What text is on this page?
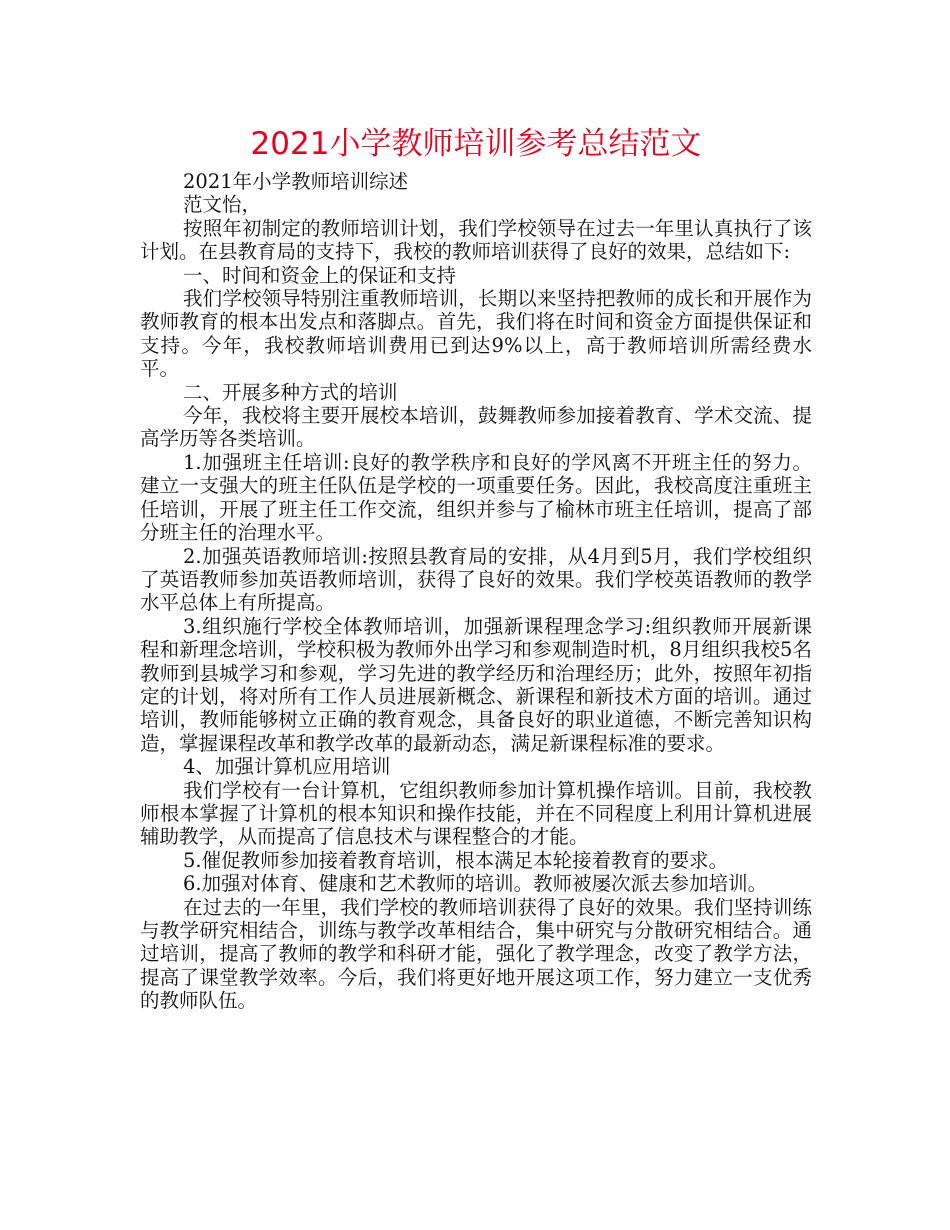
2021小学教师培训参考总结范文

2021年小学教师培训综述

范文怡，

按照年初制定的教师培训计划，我们学校领导在过去一年里认真执行了该计划。在县教育局的支持下，我校的教师培训获得了良好的效果，总结如下:

一、时间和资金上的保证和支持

我们学校领导特别注重教师培训，长期以来坚持把教师的成长和开展作为教师教育的根本出发点和落脚点。首先，我们将在时间和资金方面提供保证和支持。今年，我校教师培训费用已到达9%以上，高于教师培训所需经费水平。

二、开展多种方式的培训

今年，我校将主要开展校本培训，鼓舞教师参加接着教育、学术交流、提高学历等各类培训。

1.加强班主任培训:良好的教学秩序和良好的学风离不开班主任的努力。建立一支强大的班主任队伍是学校的一项重要任务。因此，我校高度注重班主任培训，开展了班主任工作交流，组织并参与了榆林市班主任培训，提高了部分班主任的治理水平。

2.加强英语教师培训:按照县教育局的安排，从4月到5月，我们学校组织了英语教师参加英语教师培训，获得了良好的效果。我们学校英语教师的教学水平总体上有所提高。

3.组织施行学校全体教师培训，加强新课程理念学习:组织教师开展新课程和新理念培训，学校积极为教师外出学习和参观制造时机，8月组织我校5名教师到县城学习和参观，学习先进的教学经历和治理经历；此外，按照年初指定的计划，将对所有工作人员进展新概念、新课程和新技术方面的培训。通过培训，教师能够树立正确的教育观念，具备良好的职业道德，不断完善知识构造，掌握课程改革和教学改革的最新动态，满足新课程标准的要求。

4、加强计算机应用培训

我们学校有一台计算机，它组织教师参加计算机操作培训。目前，我校教师根本掌握了计算机的根本知识和操作技能，并在不同程度上利用计算机进展辅助教学，从而提高了信息技术与课程整合的才能。

5.催促教师参加接着教育培训，根本满足本轮接着教育的要求。

6.加强对体育、健康和艺术教师的培训。教师被屡次派去参加培训。

在过去的一年里，我们学校的教师培训获得了良好的效果。我们坚持训练与教学研究相结合，训练与教学改革相结合，集中研究与分散研究相结合。通过培训，提高了教师的教学和科研才能，强化了教学理念，改变了教学方法，提高了课堂教学效率。今后，我们将更好地开展这项工作，努力建立一支优秀的教师队伍。
